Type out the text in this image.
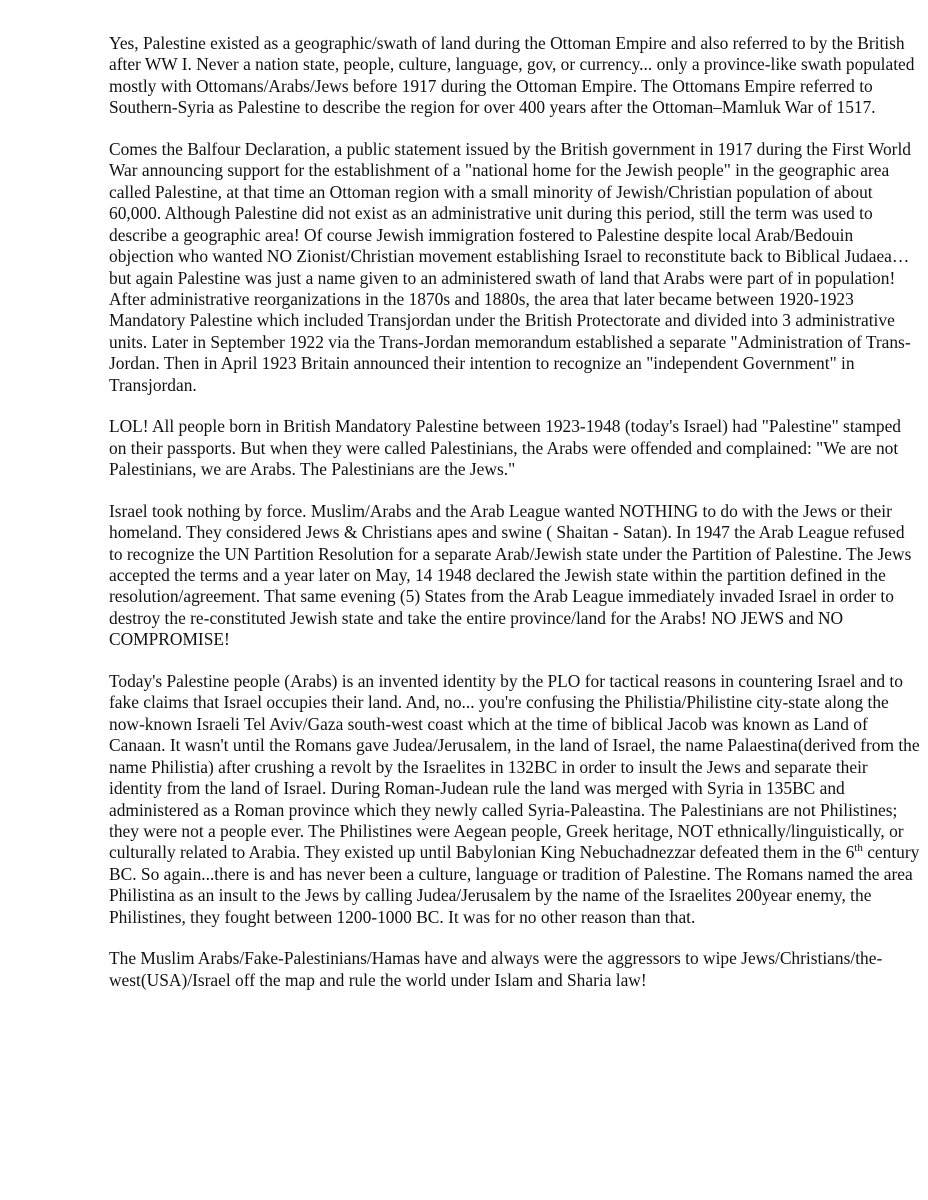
Yes, Palestine existed as a geographic/swath of land during the Ottoman Empire and also referred to by the British after WW I. Never a nation state, people, culture, language, gov, or currency... only a province-like swath populated mostly with Ottomans/Arabs/Jews before 1917 during the Ottoman Empire. The Ottomans Empire referred to Southern-Syria as Palestine to describe the region for over 400 years after the Ottoman–Mamluk War of 1517.

Comes the Balfour Declaration, a public statement issued by the British government in 1917 during the First World War announcing support for the establishment of a "national home for the Jewish people" in the geographic area called Palestine, at that time an Ottoman region with a small minority of Jewish/Christian population of about 60,000. Although Palestine did not exist as an administrative unit during this period, still the term was used to describe a geographic area! Of course Jewish immigration fostered to Palestine despite local Arab/Bedouin objection who wanted NO Zionist/Christian movement establishing Israel to reconstitute back to Biblical Judaea… but again Palestine was just a name given to an administered swath of land that Arabs were part of in population! After administrative reorganizations in the 1870s and 1880s, the area that later became between 1920-1923 Mandatory Palestine which included Transjordan under the British Protectorate and divided into 3 administrative units. Later in September 1922 via the Trans-Jordan memorandum established a separate "Administration of Trans-Jordan. Then in April 1923 Britain announced their intention to recognize an "independent Government" in Transjordan.

LOL! All people born in British Mandatory Palestine between 1923-1948 (today's Israel) had "Palestine" stamped on their passports. But when they were called Palestinians, the Arabs were offended and complained: "We are not Palestinians, we are Arabs. The Palestinians are the Jews."

Israel took nothing by force. Muslim/Arabs and the Arab League wanted NOTHING to do with the Jews or their homeland. They considered Jews & Christians apes and swine ( Shaitan - Satan). In 1947 the Arab League refused to recognize the UN Partition Resolution for a separate Arab/Jewish state under the Partition of Palestine. The Jews accepted the terms and a year later on May, 14 1948 declared the Jewish state within the partition defined in the resolution/agreement. That same evening (5) States from the Arab League immediately invaded Israel in order to destroy the re-constituted Jewish state and take the entire province/land for the Arabs! NO JEWS and NO COMPROMISE!

Today's Palestine people (Arabs) is an invented identity by the PLO for tactical reasons in countering Israel and to fake claims that Israel occupies their land. And, no... you're confusing the Philistia/Philistine city-state along the now-known Israeli Tel Aviv/Gaza south-west coast which at the time of biblical Jacob was known as Land of Canaan. It wasn't until the Romans gave Judea/Jerusalem, in the land of Israel, the name Palaestina(derived from the name Philistia) after crushing a revolt by the Israelites in 132BC in order to insult the Jews and separate their identity from the land of Israel. During Roman-Judean rule the land was merged with Syria in 135BC and administered as a Roman province which they newly called Syria-Paleastina. The Palestinians are not Philistines; they were not a people ever. The Philistines were Aegean people, Greek heritage, NOT ethnically/linguistically, or culturally related to Arabia. They existed up until Babylonian King Nebuchadnezzar defeated them in the 6th century BC. So again...there is and has never been a culture, language or tradition of Palestine. The Romans named the area Philistina as an insult to the Jews by calling Judea/Jerusalem by the name of the Israelites 200year enemy, the Philistines, they fought between 1200-1000 BC. It was for no other reason than that.

The Muslim Arabs/Fake-Palestinians/Hamas have and always were the aggressors to wipe Jews/Christians/the-west(USA)/Israel off the map and rule the world under Islam and Sharia law!
